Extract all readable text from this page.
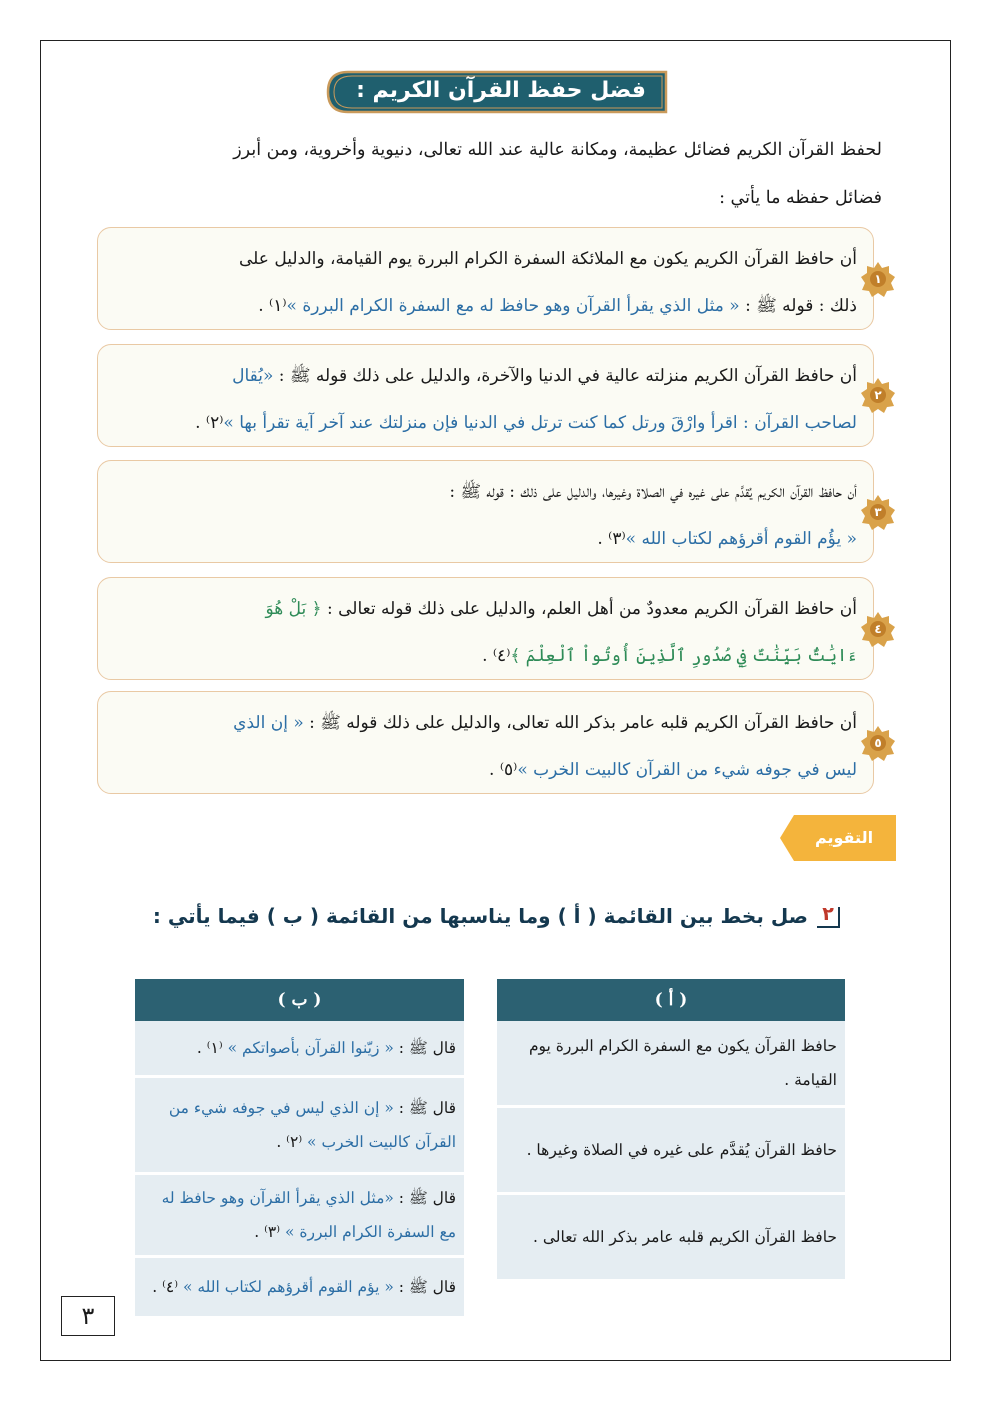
فضل حفظ القرآن الكريم :

لحفظ القرآن الكريم فضائل عظيمة، ومكانة عالية عند الله تعالى، دنيوية وأخروية، ومن أبرز

فضائل حفظه ما يأتي :

أن حافظ القرآن الكريم يكون مع الملائكة السفرة الكرام البررة يوم القيامة، والدليل على
ذلك : قوله ﷺ : « مثل الذي يقرأ القرآن وهو حافظ له مع السفرة الكرام البررة »⁽١⁾ .
١
أن حافظ القرآن الكريم منزلته عالية في الدنيا والآخرة، والدليل على ذلك قوله ﷺ : «يُقال
لصاحب القرآن : اقرأ وارْقَ ورتل كما كنت ترتل في الدنيا فإن منزلتك عند آخر آية تقرأ بها »⁽٢⁾ .
٢
أن حافظ القرآن الكريم يُقدَّم على غيره في الصلاة وغيرها، والدليل على ذلك : قوله ﷺ :
« يؤُم القوم أقرؤهم لكتاب الله »⁽٣⁾ .
٣
أن حافظ القرآن الكريم معدودٌ من أهل العلم، والدليل على ذلك قوله تعالى : ﴿ بَلْ هُوَ
ءَايَٰتٌۢ بَيِّنَٰتٌ فِي صُدُورِ ٱلَّذِينَ أُوتُواْ ٱلْعِلْمَ ﴾⁽٤⁾ .
٤
أن حافظ القرآن الكريم قلبه عامر بذكر الله تعالى، والدليل على ذلك قوله ﷺ : « إن الذي
ليس في جوفه شيء من القرآن كالبيت الخرب »⁽٥⁾ .
٥
التقويم
٢
صل بخط بين القائمة ( أ ) وما يناسبها من القائمة ( ب ) فيما يأتي :
( أ )
حافظ القرآن يكون مع السفرة الكرام البررة يوم القيامة .
حافظ القرآن يُقدَّم على غيره في الصلاة وغيرها .
حافظ القرآن الكريم قلبه عامر بذكر الله تعالى .
( ب )
قال ﷺ : « زيّنوا القرآن بأصواتكم » ⁽١⁾ .
قال ﷺ : « إن الذي ليس في جوفه شيء من القرآن كالبيت الخرب » ⁽٢⁾ .
قال ﷺ : «مثل الذي يقرأ القرآن وهو حافظ له مع السفرة الكرام البررة » ⁽٣⁾ .
قال ﷺ : « يؤم القوم أقرؤهم لكتاب الله » ⁽٤⁾ .
٣
